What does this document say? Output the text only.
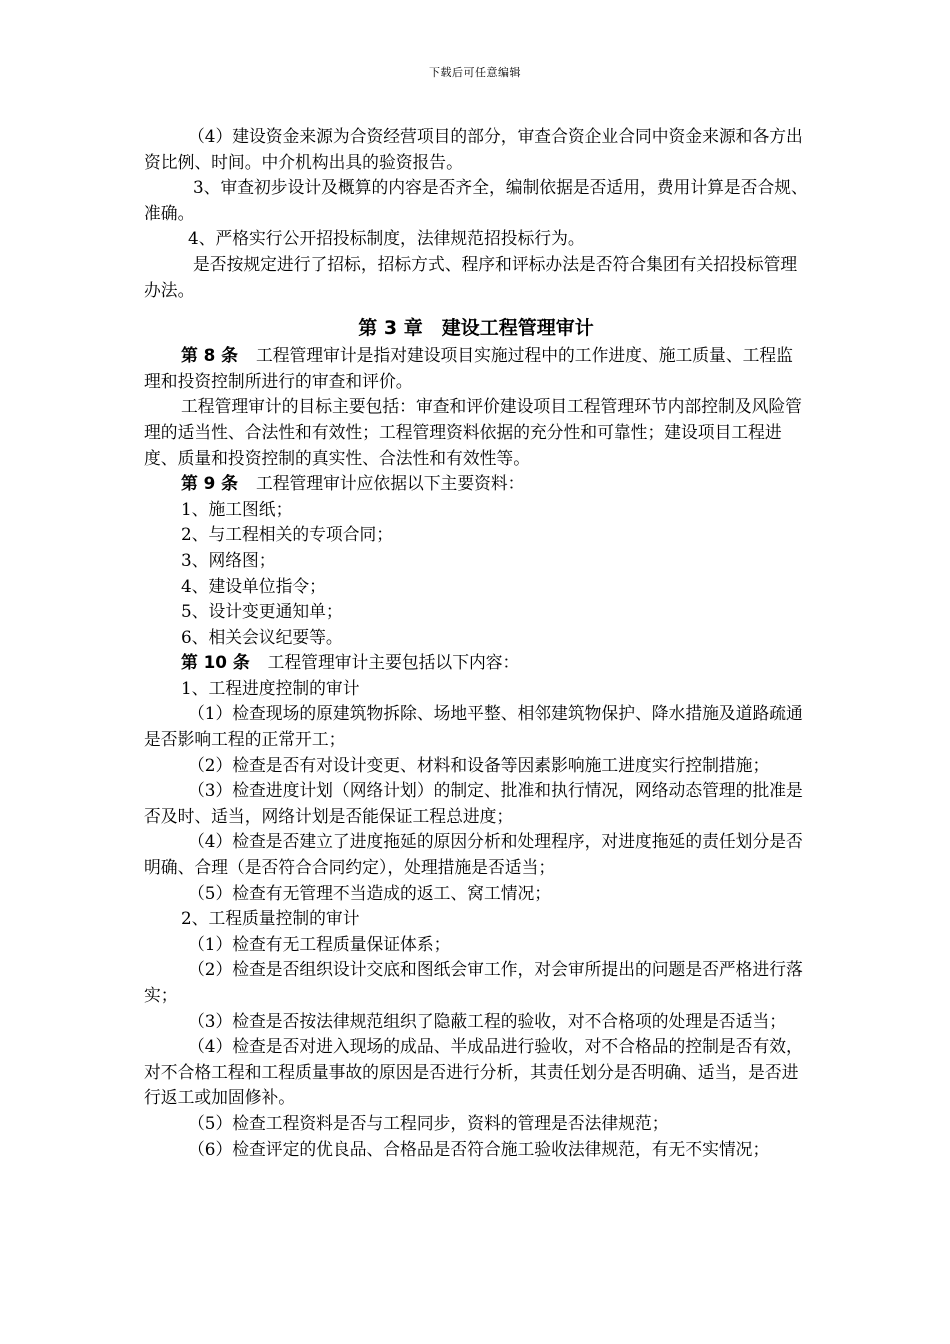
下载后可任意编辑

（4）建设资金来源为合资经营项目的部分，审查合资企业合同中资金来源和各方出资比例、时间。中介机构出具的验资报告。

3、审查初步设计及概算的内容是否齐全，编制依据是否适用，费用计算是否合规、准确。

4、严格实行公开招投标制度，法律规范招投标行为。

是否按规定进行了招标，招标方式、程序和评标办法是否符合集团有关招投标管理办法。

第 3 章　建设工程管理审计

第 8 条 工程管理审计是指对建设项目实施过程中的工作进度、施工质量、工程监理和投资控制所进行的审查和评价。

工程管理审计的目标主要包括：审查和评价建设项目工程管理环节内部控制及风险管理的适当性、合法性和有效性；工程管理资料依据的充分性和可靠性；建设项目工程进度、质量和投资控制的真实性、合法性和有效性等。

第 9 条 工程管理审计应依据以下主要资料：

1、施工图纸；

2、与工程相关的专项合同；

3、网络图；

4、建设单位指令；

5、设计变更通知单；

6、相关会议纪要等。

第 10 条 工程管理审计主要包括以下内容：

1、工程进度控制的审计

（1）检查现场的原建筑物拆除、场地平整、相邻建筑物保护、降水措施及道路疏通是否影响工程的正常开工；

（2）检查是否有对设计变更、材料和设备等因素影响施工进度实行控制措施；

（3）检查进度计划（网络计划）的制定、批准和执行情况，网络动态管理的批准是否及时、适当，网络计划是否能保证工程总进度；

（4）检查是否建立了进度拖延的原因分析和处理程序，对进度拖延的责任划分是否明确、合理（是否符合合同约定），处理措施是否适当；

（5）检查有无管理不当造成的返工、窝工情况；

2、工程质量控制的审计

（1）检查有无工程质量保证体系；

（2）检查是否组织设计交底和图纸会审工作，对会审所提出的问题是否严格进行落实；

（3）检查是否按法律规范组织了隐蔽工程的验收，对不合格项的处理是否适当；

（4）检查是否对进入现场的成品、半成品进行验收，对不合格品的控制是否有效，对不合格工程和工程质量事故的原因是否进行分析，其责任划分是否明确、适当，是否进行返工或加固修补。

（5）检查工程资料是否与工程同步，资料的管理是否法律规范；

（6）检查评定的优良品、合格品是否符合施工验收法律规范，有无不实情况；
